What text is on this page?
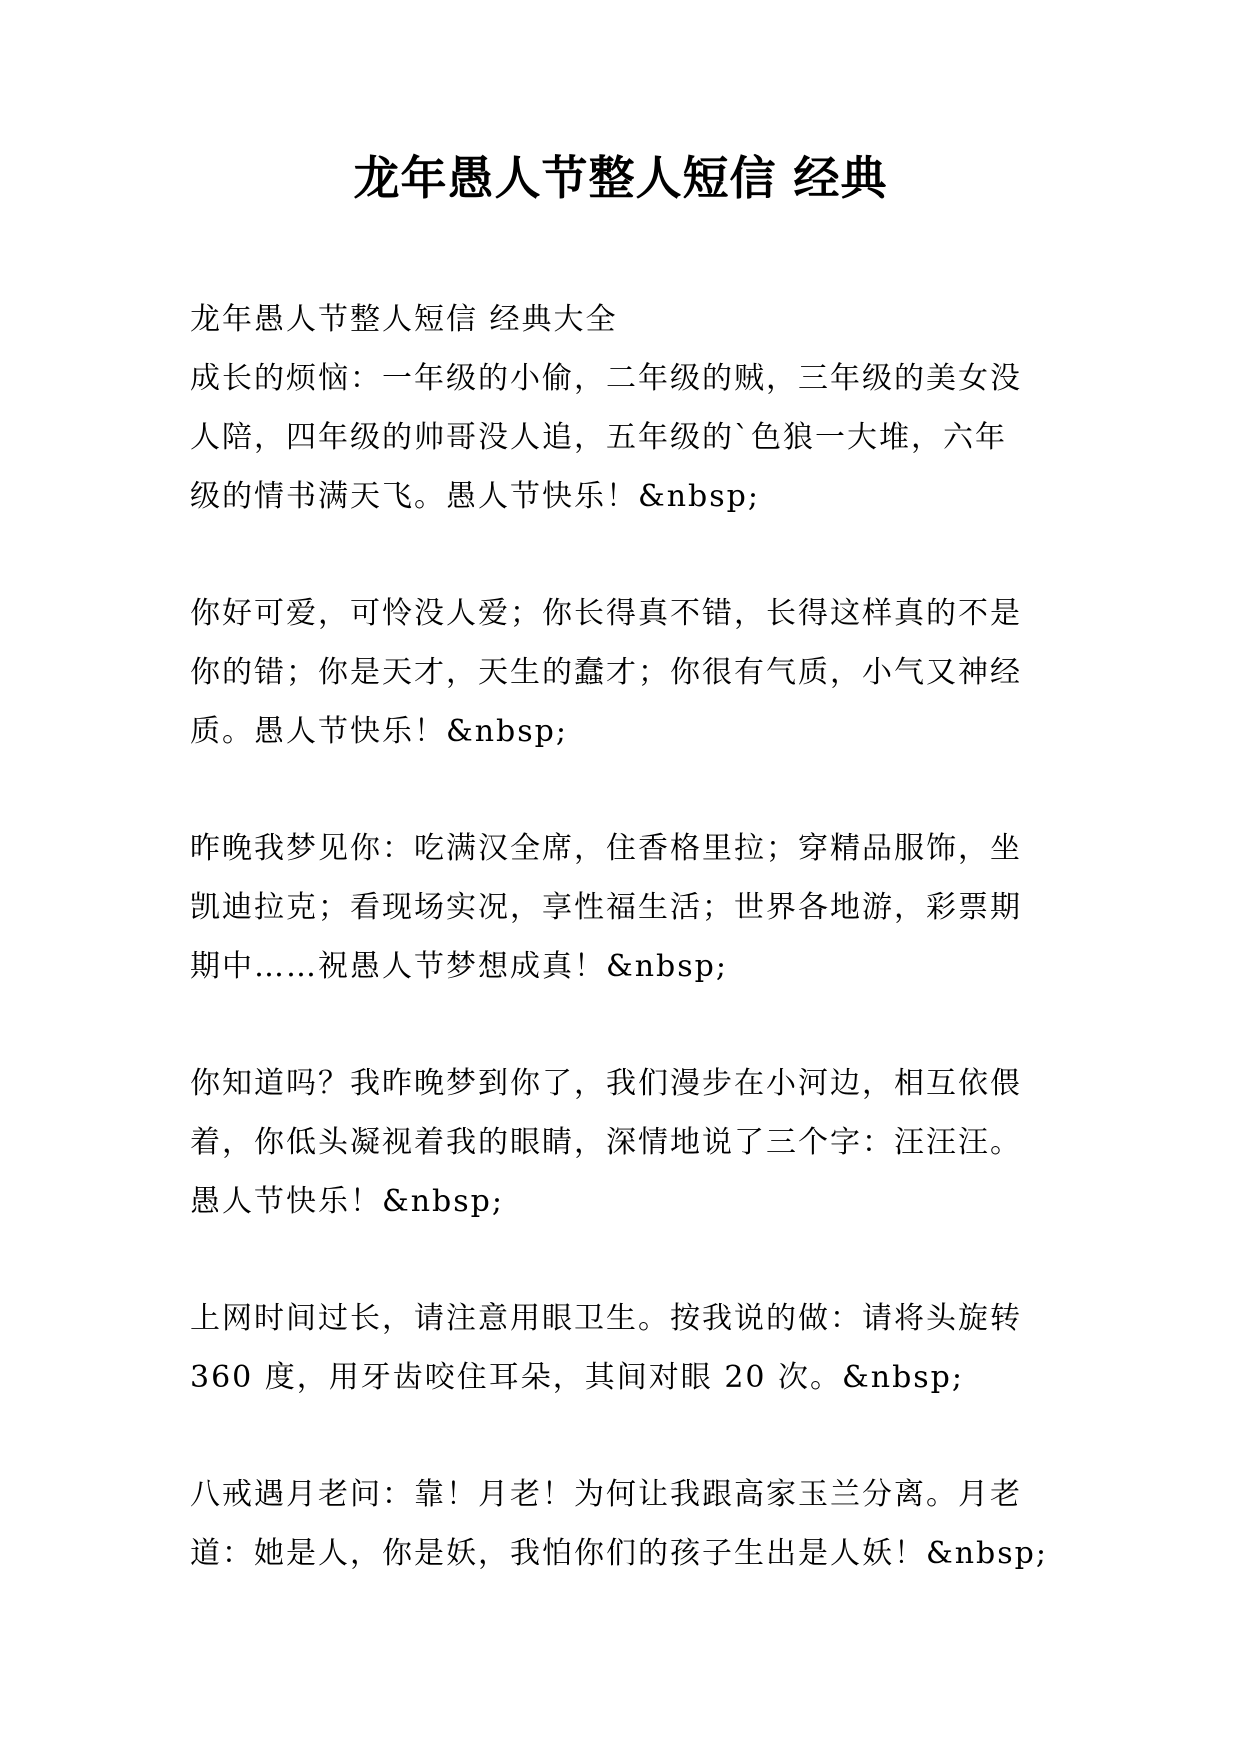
龙年愚人节整人短信 经典

龙年愚人节整人短信 经典大全

成长的烦恼：一年级的小偷，二年级的贼，三年级的美女没

人陪，四年级的帅哥没人追，五年级的`色狼一大堆，六年

级的情书满天飞。愚人节快乐！&nbsp;

你好可爱，可怜没人爱；你长得真不错，长得这样真的不是

你的错；你是天才，天生的蠢才；你很有气质，小气又神经

质。愚人节快乐！&nbsp;

昨晚我梦见你：吃满汉全席，住香格里拉；穿精品服饰，坐

凯迪拉克；看现场实况，享性福生活；世界各地游，彩票期

期中……祝愚人节梦想成真！&nbsp;

你知道吗？我昨晚梦到你了，我们漫步在小河边，相互依偎

着，你低头凝视着我的眼睛，深情地说了三个字：汪汪汪。

愚人节快乐！&nbsp;

上网时间过长，请注意用眼卫生。按我说的做：请将头旋转

360 度，用牙齿咬住耳朵，其间对眼 20 次。&nbsp;

八戒遇月老问：靠！月老！为何让我跟高家玉兰分离。月老

道：她是人，你是妖，我怕你们的孩子生出是人妖！&nbsp;
